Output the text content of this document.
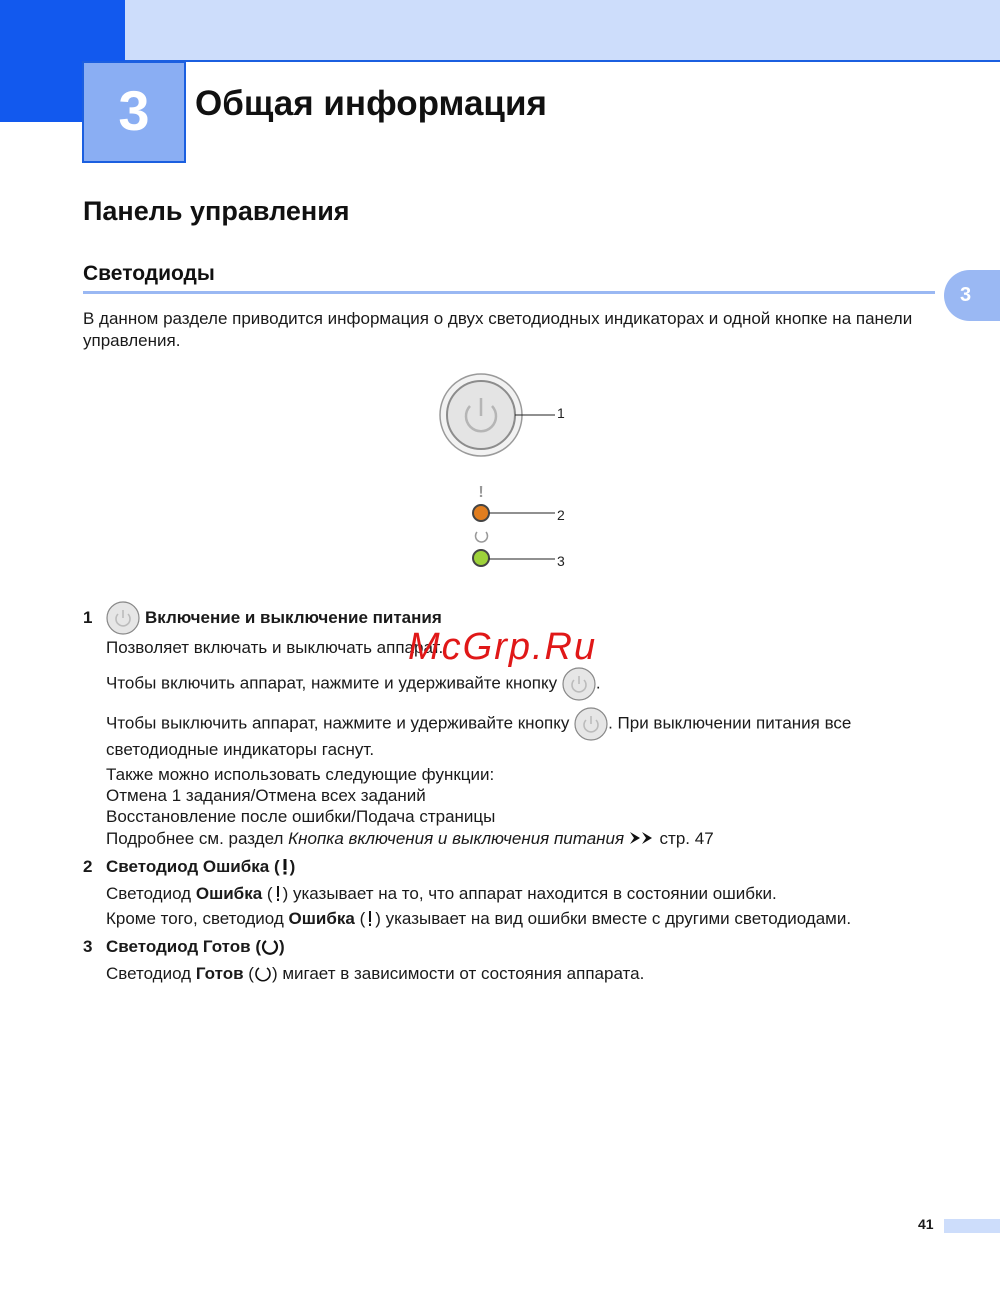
3	Общая информация
Панель управления
Светодиоды
3
В данном разделе приводится информация о двух светодиодных индикаторах и одной кнопке на панели управления.
!
1
2
3
1	Включение и выключение питания
Позволяет включать и выключать аппарат.
Чтобы включить аппарат, нажмите и удерживайте кнопку .
Чтобы выключить аппарат, нажмите и удерживайте кнопку . При выключении питания все
светодиодные индикаторы гаснут.
Также можно использовать следующие функции:
Отмена 1 задания/Отмена всех заданий
Восстановление после ошибки/Подача страницы
Подробнее см. раздел Кнопка включения и выключения питания стр. 47
2 Светодиод Ошибка ( )
Светодиод Ошибка ( ) указывает на то, что аппарат находится в состоянии ошибки.
Кроме того, светодиод Ошибка ( ) указывает на вид ошибки вместе с другими светодиодами.
3 Светодиод Готов ( )
Светодиод Готов ( ) мигает в зависимости от состояния аппарата.
McGrp.Ru
41
